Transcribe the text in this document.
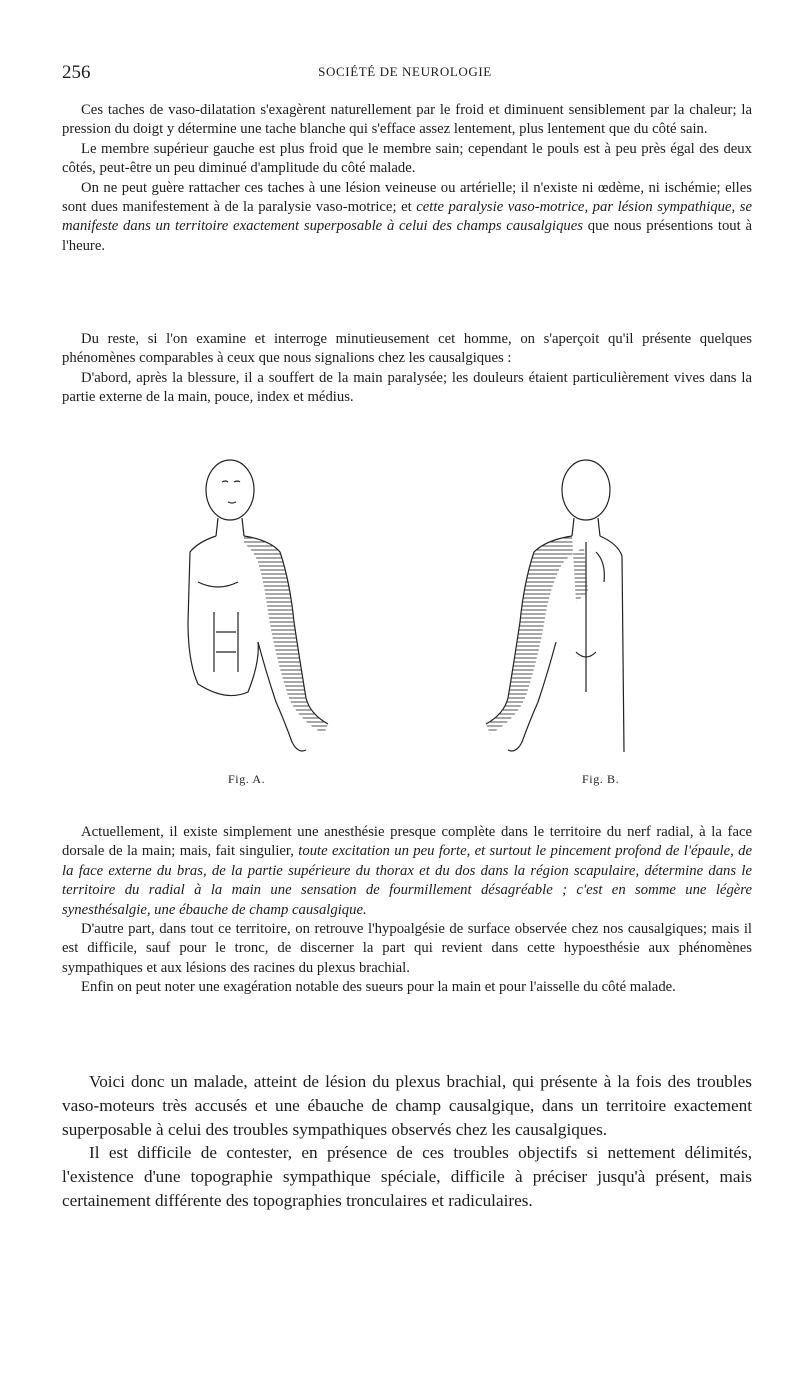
256	SOCIÉTÉ DE NEUROLOGIE

Ces taches de vaso-dilatation s'exagèrent naturellement par le froid et diminuent sensiblement par la chaleur; la pression du doigt y détermine une tache blanche qui s'efface assez lentement, plus lentement que du côté sain.

Le membre supérieur gauche est plus froid que le membre sain; cependant le pouls est à peu près égal des deux côtés, peut-être un peu diminué d'amplitude du côté malade.

On ne peut guère rattacher ces taches à une lésion veineuse ou artérielle; il n'existe ni œdème, ni ischémie; elles sont dues manifestement à de la paralysie vaso-motrice; et cette paralysie vaso-motrice, par lésion sympathique, se manifeste dans un territoire exactement superposable à celui des champs causalgiques que nous présentions tout à l'heure.

Du reste, si l'on examine et interroge minutieusement cet homme, on s'aperçoit qu'il présente quelques phénomènes comparables à ceux que nous signalions chez les causalgiques :

D'abord, après la blessure, il a souffert de la main paralysée; les douleurs étaient particulièrement vives dans la partie externe de la main, pouce, index et médius.

Fig. A.	Fig. B.

Actuellement, il existe simplement une anesthésie presque complète dans le territoire du nerf radial, à la face dorsale de la main; mais, fait singulier, toute excitation un peu forte, et surtout le pincement profond de l'épaule, de la face externe du bras, de la partie supérieure du thorax et du dos dans la région scapulaire, détermine dans le territoire du radial à la main une sensation de fourmillement désagréable ; c'est en somme une légère synesthésalgie, une ébauche de champ causalgique.

D'autre part, dans tout ce territoire, on retrouve l'hypoalgésie de surface observée chez nos causalgiques; mais il est difficile, sauf pour le tronc, de discerner la part qui revient dans cette hypoesthésie aux phénomènes sympathiques et aux lésions des racines du plexus brachial.

Enfin on peut noter une exagération notable des sueurs pour la main et pour l'aisselle du côté malade.

Voici donc un malade, atteint de lésion du plexus brachial, qui présente à la fois des troubles vaso-moteurs très accusés et une ébauche de champ causalgique, dans un territoire exactement superposable à celui des troubles sympathiques observés chez les causalgiques.

Il est difficile de contester, en présence de ces troubles objectifs si nettement délimités, l'existence d'une topographie sympathique spéciale, difficile à préciser jusqu'à présent, mais certainement différente des topographies tronculaires et radiculaires.
